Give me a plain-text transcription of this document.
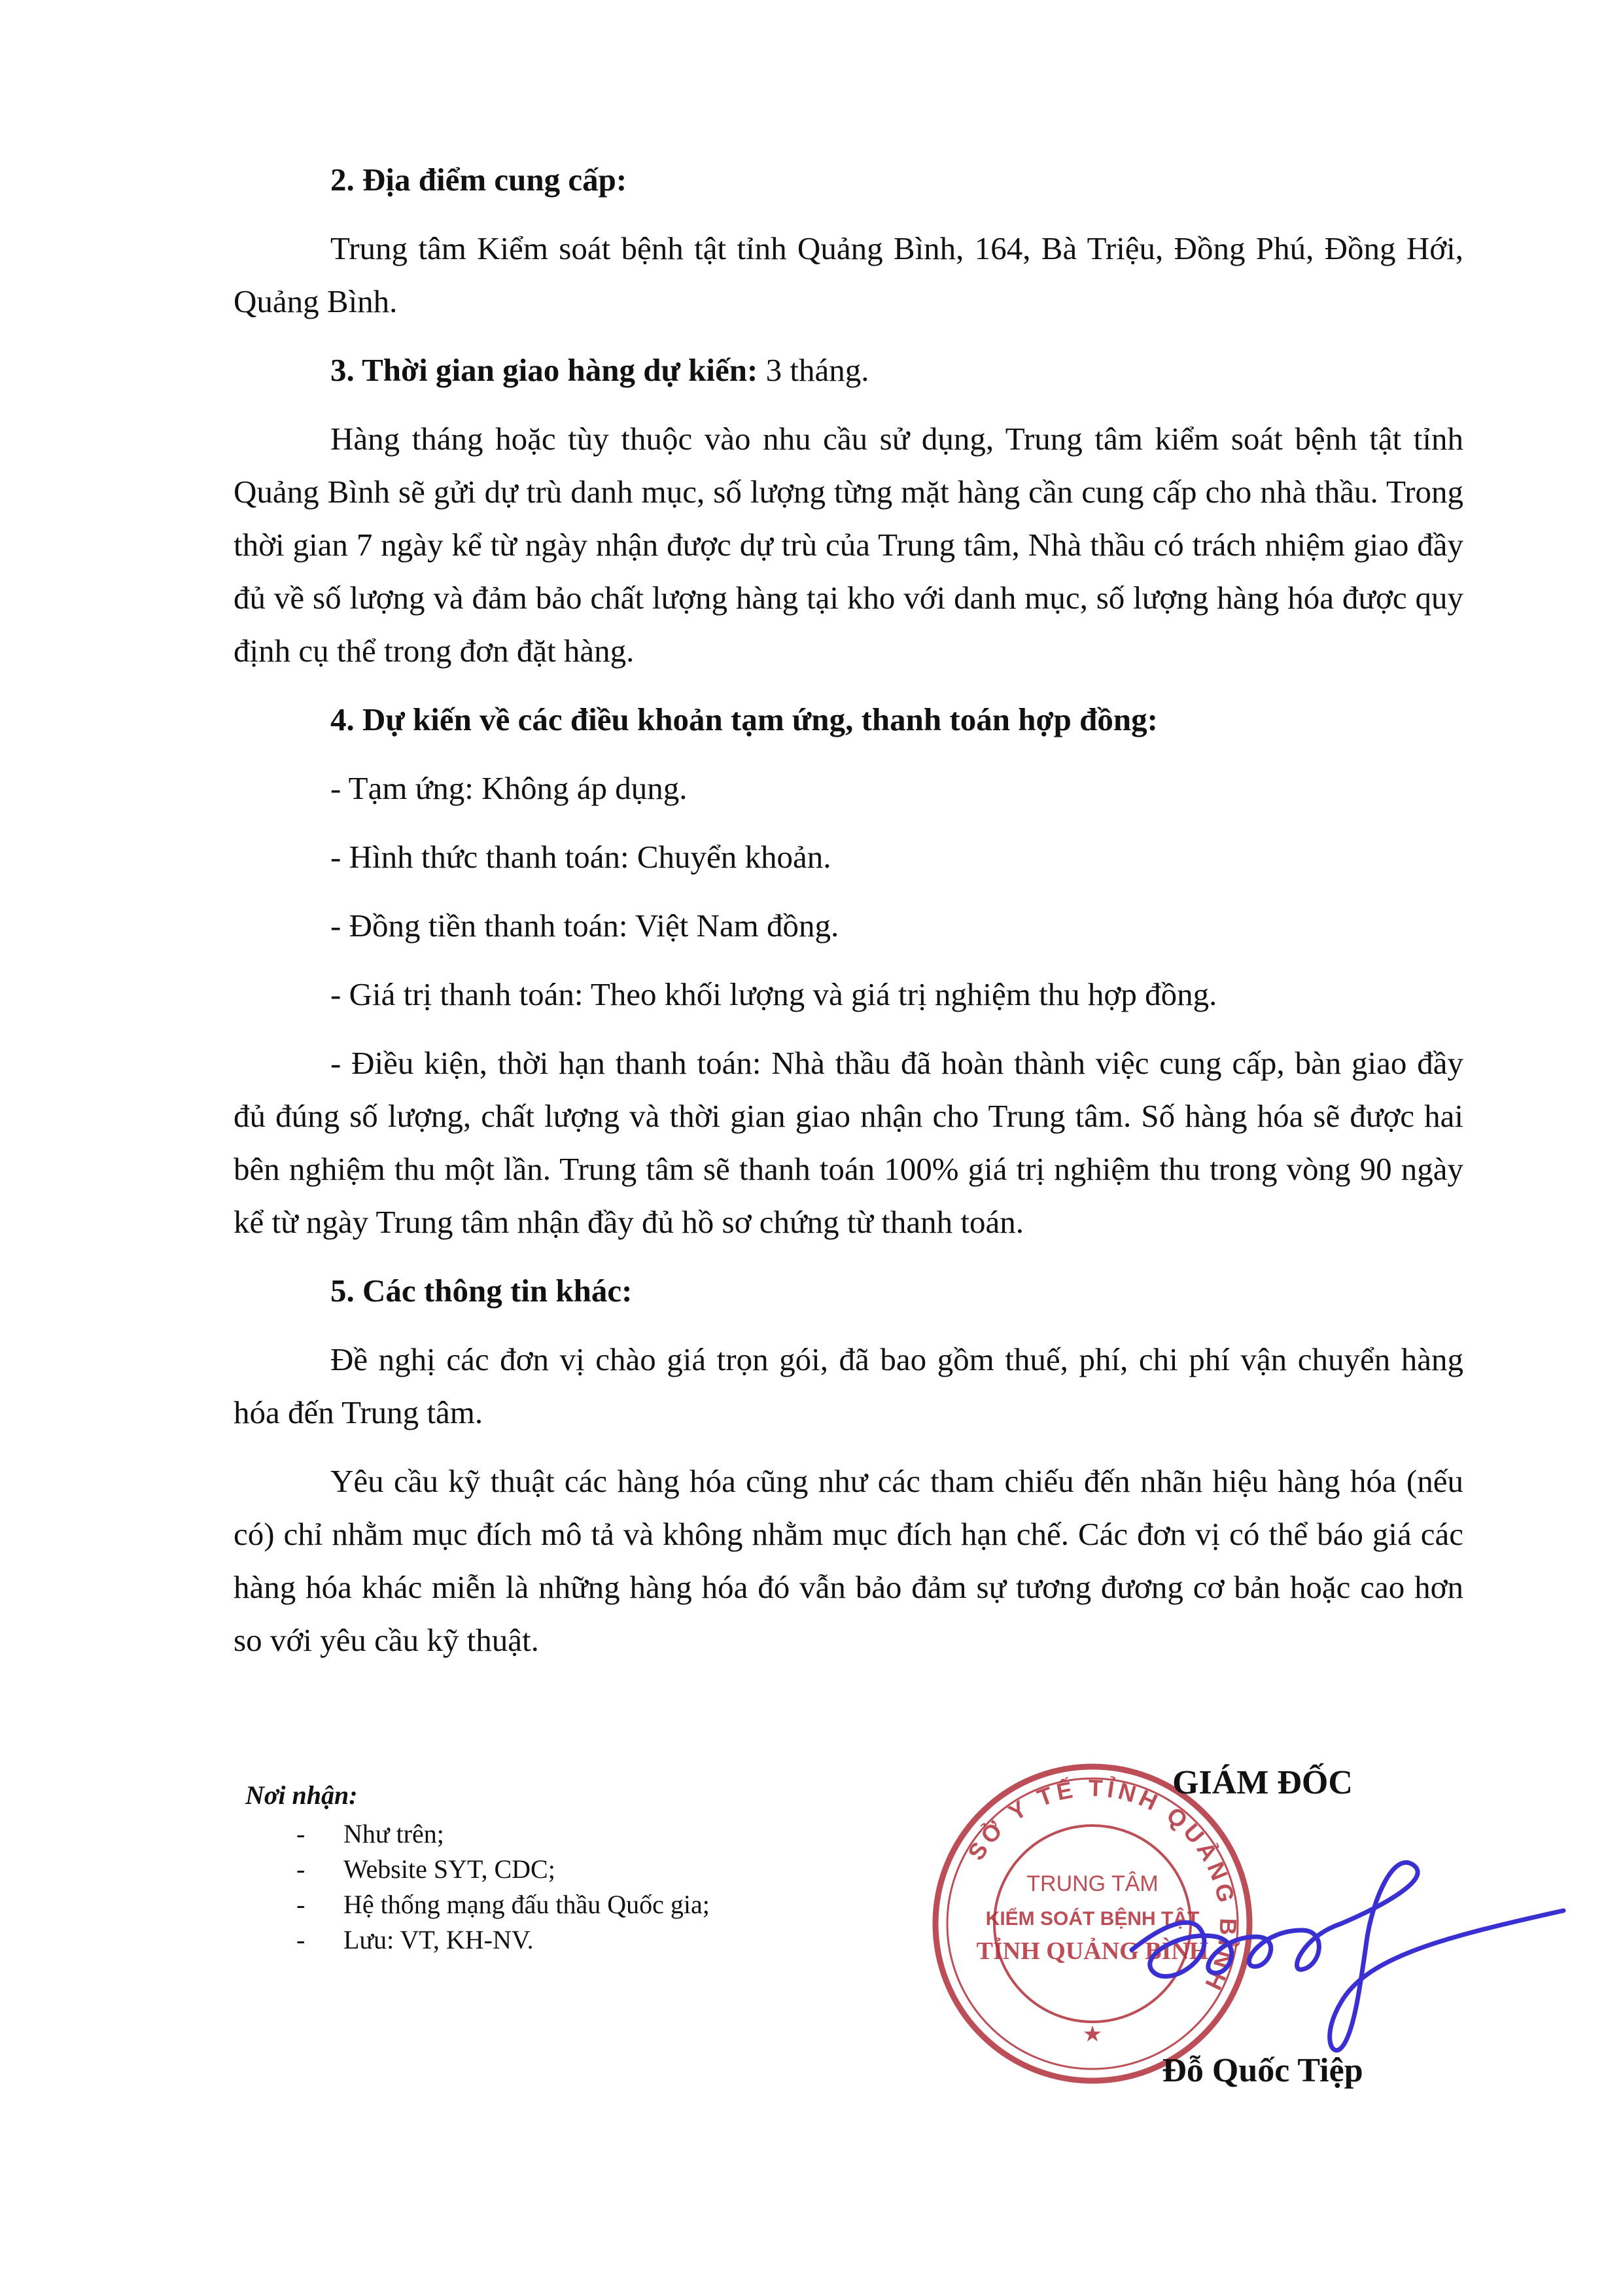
2. Địa điểm cung cấp:

Trung tâm Kiểm soát bệnh tật tỉnh Quảng Bình, 164, Bà Triệu, Đồng Phú, Đồng Hới, Quảng Bình.

3. Thời gian giao hàng dự kiến: 3 tháng.

Hàng tháng hoặc tùy thuộc vào nhu cầu sử dụng, Trung tâm kiểm soát bệnh tật tỉnh Quảng Bình sẽ gửi dự trù danh mục, số lượng từng mặt hàng cần cung cấp cho nhà thầu. Trong thời gian 7 ngày kể từ ngày nhận được dự trù của Trung tâm, Nhà thầu có trách nhiệm giao đầy đủ về số lượng và đảm bảo chất lượng hàng tại kho với danh mục, số lượng hàng hóa được quy định cụ thể trong đơn đặt hàng.

4. Dự kiến về các điều khoản tạm ứng, thanh toán hợp đồng:

- Tạm ứng: Không áp dụng.

- Hình thức thanh toán: Chuyển khoản.

- Đồng tiền thanh toán: Việt Nam đồng.

- Giá trị thanh toán: Theo khối lượng và giá trị nghiệm thu hợp đồng.

- Điều kiện, thời hạn thanh toán: Nhà thầu đã hoàn thành việc cung cấp, bàn giao đầy đủ đúng số lượng, chất lượng và thời gian giao nhận cho Trung tâm. Số hàng hóa sẽ được hai bên nghiệm thu một lần. Trung tâm sẽ thanh toán 100% giá trị nghiệm thu trong vòng 90 ngày kể từ ngày Trung tâm nhận đầy đủ hồ sơ chứng từ thanh toán.

5. Các thông tin khác:

Đề nghị các đơn vị chào giá trọn gói, đã bao gồm thuế, phí, chi phí vận chuyển hàng hóa đến Trung tâm.

Yêu cầu kỹ thuật các hàng hóa cũng như các tham chiếu đến nhãn hiệu hàng hóa (nếu có) chỉ nhằm mục đích mô tả và không nhằm mục đích hạn chế. Các đơn vị có thể báo giá các hàng hóa khác miễn là những hàng hóa đó vẫn bảo đảm sự tương đương cơ bản hoặc cao hơn so với yêu cầu kỹ thuật.

Nơi nhận:
- Như trên;
- Website SYT, CDC;
- Hệ thống mạng đấu thầu Quốc gia;
- Lưu: VT, KH-NV.
SỞ Y TẾ TỈNH QUẢNG BÌNH
TRUNG TÂM
KIỂM SOÁT BỆNH TẬT
TỈNH QUẢNG BÌNH
★
GIÁM ĐỐC
Đỗ Quốc Tiệp
